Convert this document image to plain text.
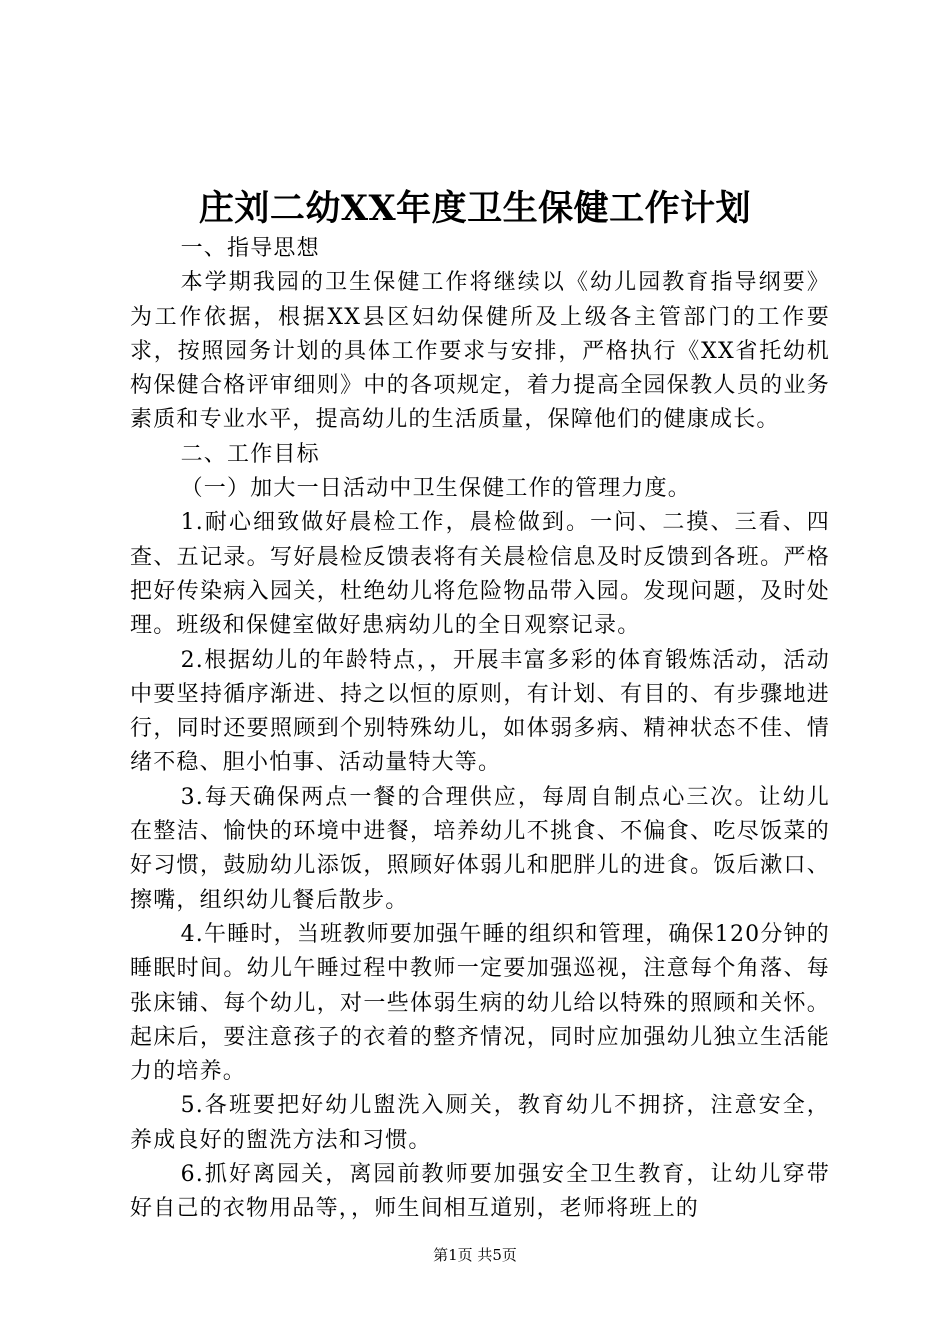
庄刘二幼XX年度卫生保健工作计划

一、指导思想

本学期我园的卫生保健工作将继续以《幼儿园教育指导纲要》为工作依据，根据XX县区妇幼保健所及上级各主管部门的工作要求，按照园务计划的具体工作要求与安排，严格执行《XX省托幼机构保健合格评审细则》中的各项规定，着力提高全园保教人员的业务素质和专业水平，提高幼儿的生活质量，保障他们的健康成长。

二、工作目标

（一）加大一日活动中卫生保健工作的管理力度。

1.耐心细致做好晨检工作，晨检做到。一问、二摸、三看、四查、五记录。写好晨检反馈表将有关晨检信息及时反馈到各班。严格把好传染病入园关，杜绝幼儿将危险物品带入园。发现问题，及时处理。班级和保健室做好患病幼儿的全日观察记录。

2.根据幼儿的年龄特点，，开展丰富多彩的体育锻炼活动，活动中要坚持循序渐进、持之以恒的原则，有计划、有目的、有步骤地进行，同时还要照顾到个别特殊幼儿，如体弱多病、精神状态不佳、情绪不稳、胆小怕事、活动量特大等。

3.每天确保两点一餐的合理供应，每周自制点心三次。让幼儿在整洁、愉快的环境中进餐，培养幼儿不挑食、不偏食、吃尽饭菜的好习惯，鼓励幼儿添饭，照顾好体弱儿和肥胖儿的进食。饭后漱口、擦嘴，组织幼儿餐后散步。

4.午睡时，当班教师要加强午睡的组织和管理，确保120分钟的睡眠时间。幼儿午睡过程中教师一定要加强巡视，注意每个角落、每张床铺、每个幼儿，对一些体弱生病的幼儿给以特殊的照顾和关怀。起床后，要注意孩子的衣着的整齐情况，同时应加强幼儿独立生活能力的培养。

5.各班要把好幼儿盥洗入厕关，教育幼儿不拥挤，注意安全，养成良好的盥洗方法和习惯。

6.抓好离园关，离园前教师要加强安全卫生教育，让幼儿穿带好自己的衣物用品等，，师生间相互道别，老师将班上的

第1页 共5页
